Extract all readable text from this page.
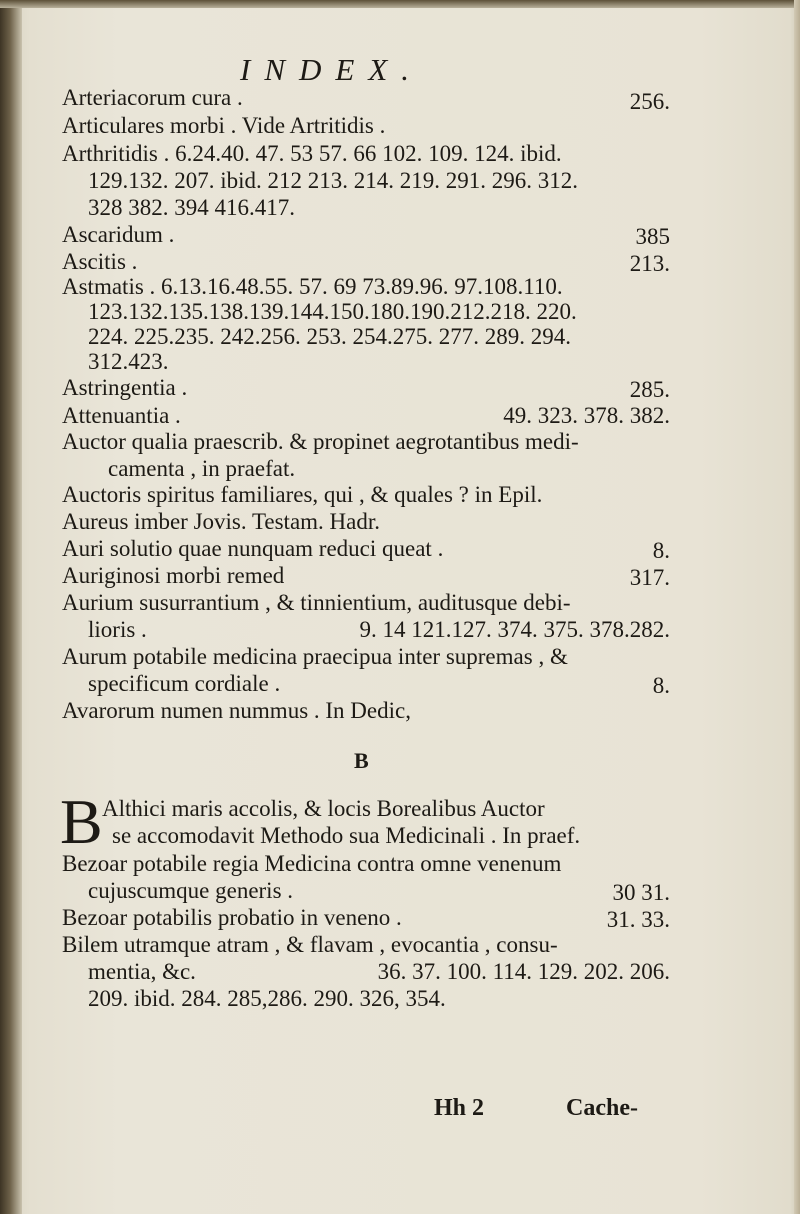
INDEX.
Arteriacorum cura .	256.
Articulares morbi . Vide Artritidis .
Arthritidis . 6.24.40. 47. 53 57. 66 102. 109. 124. ibid.
129.132. 207. ibid. 212 213. 214. 219. 291. 296. 312.
328 382. 394 416.417.
Ascaridum .	385
Ascitis .	213.
Astmatis . 6.13.16.48.55. 57. 69 73.89.96. 97.108.110.
123.132.135.138.139.144.150.180.190.212.218. 220.
224. 225.235. 242.256. 253. 254.275. 277. 289. 294.
312.423.
Astringentia .	285.
Attenuantia .	49. 323. 378. 382.
Auctor qualia praescrib. & propinet aegrotantibus medi-
camenta , in praefat.
Auctoris spiritus familiares, qui , & quales ? in Epil.
Aureus imber Jovis. Testam. Hadr.
Auri solutio quae nunquam reduci queat .	8.
Auriginosi morbi remed	317.
Aurium susurrantium , & tinnientium, auditusque debi-
lioris .	9. 14 121.127. 374. 375. 378.282.
Aurum potabile medicina praecipua inter supremas , &
specificum cordiale .	8.
Avarorum numen nummus . In Dedic,
B
B Althici maris accolis, & locis Borealibus Auctor
se accomodavit Methodo sua Medicinali . In praef.
Bezoar potabile regia Medicina contra omne venenum
cujuscumque generis .	30 31.
Bezoar potabilis probatio in veneno .	31. 33.
Bilem utramque atram , & flavam , evocantia , consu-
mentia, &c.	36. 37. 100. 114. 129. 202. 206.
209. ibid. 284. 285,286. 290. 326, 354.
Hh 2	Cache-
